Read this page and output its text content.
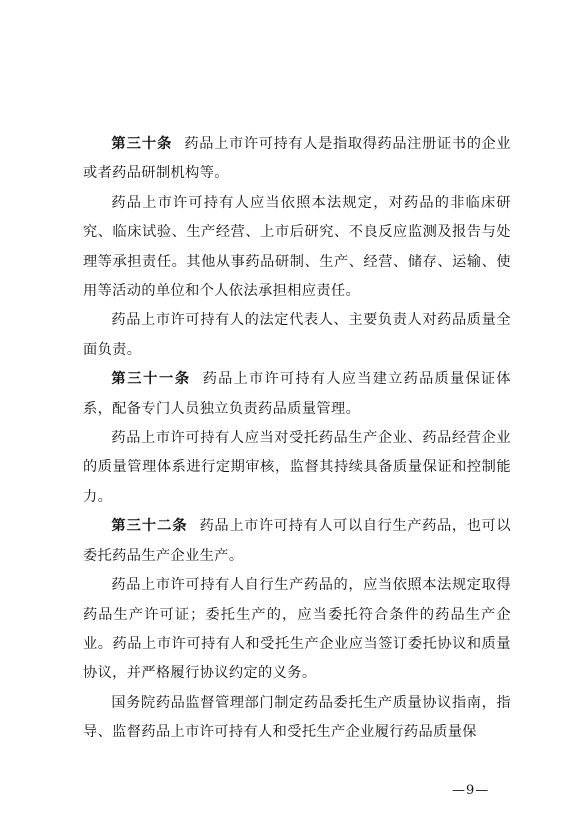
第三十条 药品上市许可持有人是指取得药品注册证书的企业或者药品研制机构等。

药品上市许可持有人应当依照本法规定，对药品的非临床研究、临床试验、生产经营、上市后研究、不良反应监测及报告与处理等承担责任。其他从事药品研制、生产、经营、储存、运输、使用等活动的单位和个人依法承担相应责任。

药品上市许可持有人的法定代表人、主要负责人对药品质量全面负责。

第三十一条 药品上市许可持有人应当建立药品质量保证体系，配备专门人员独立负责药品质量管理。

药品上市许可持有人应当对受托药品生产企业、药品经营企业的质量管理体系进行定期审核，监督其持续具备质量保证和控制能力。

第三十二条 药品上市许可持有人可以自行生产药品，也可以委托药品生产企业生产。

药品上市许可持有人自行生产药品的，应当依照本法规定取得药品生产许可证；委托生产的，应当委托符合条件的药品生产企业。药品上市许可持有人和受托生产企业应当签订委托协议和质量协议，并严格履行协议约定的义务。

国务院药品监督管理部门制定药品委托生产质量协议指南，指导、监督药品上市许可持有人和受托生产企业履行药品质量保

—9—
